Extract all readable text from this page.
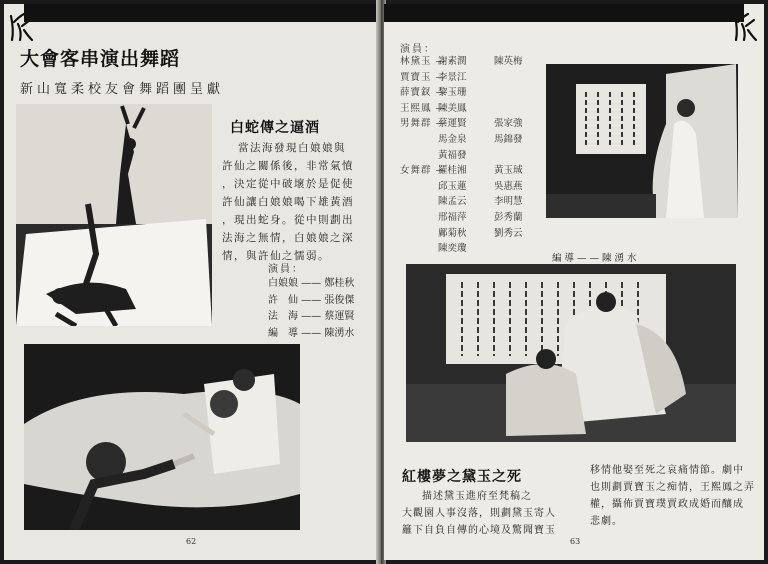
大會客串演出舞蹈
新山寬柔校友會舞蹈團呈獻
白蛇傳之逼酒

當法海發現白娘娘與

許仙之關係後，非常氣憤

，決定從中破壞於是促使

許仙讓白娘娘喝下雄黃酒

，現出蛇身。從中則劃出

法海之無情，白娘娘之深

情，與許仙之懦弱。

演員：
白娘娘 —— 鄭桂秋
許　仙 —— 張俊傑
法　海 —— 蔡運賢
編　導 —— 陳湧水
62
演員：
林黛玉 —謝素潤	陳英梅
賈寶玉 —李景江
薛寶釵 —黎玉珊
王熙鳳 —陳美鳳
男舞群 —蔡運賢	張家強
馬金泉	馬錦發
黃福發
女舞群 —羅桂湘	黃玉珹
邱玉蓮	吳惠燕
陳孟云	李明慧
邢福萍	彭秀蘭
鄺菊秋	劉秀云
陳奕瓊
編導——陳湧水
紅樓夢之黛玉之死

描述黛玉進府至梵稿之

大觀園人事沒落，則劃黛玉寄人

籬下自負自傳的心境及驚聞寶玉

移情他娶至死之哀痛情節。劇中

也則劃賈寶玉之痴情，王熙鳳之弄

權，攝佈賈寶璞賈政成婚而釀成

悲劇。

63
